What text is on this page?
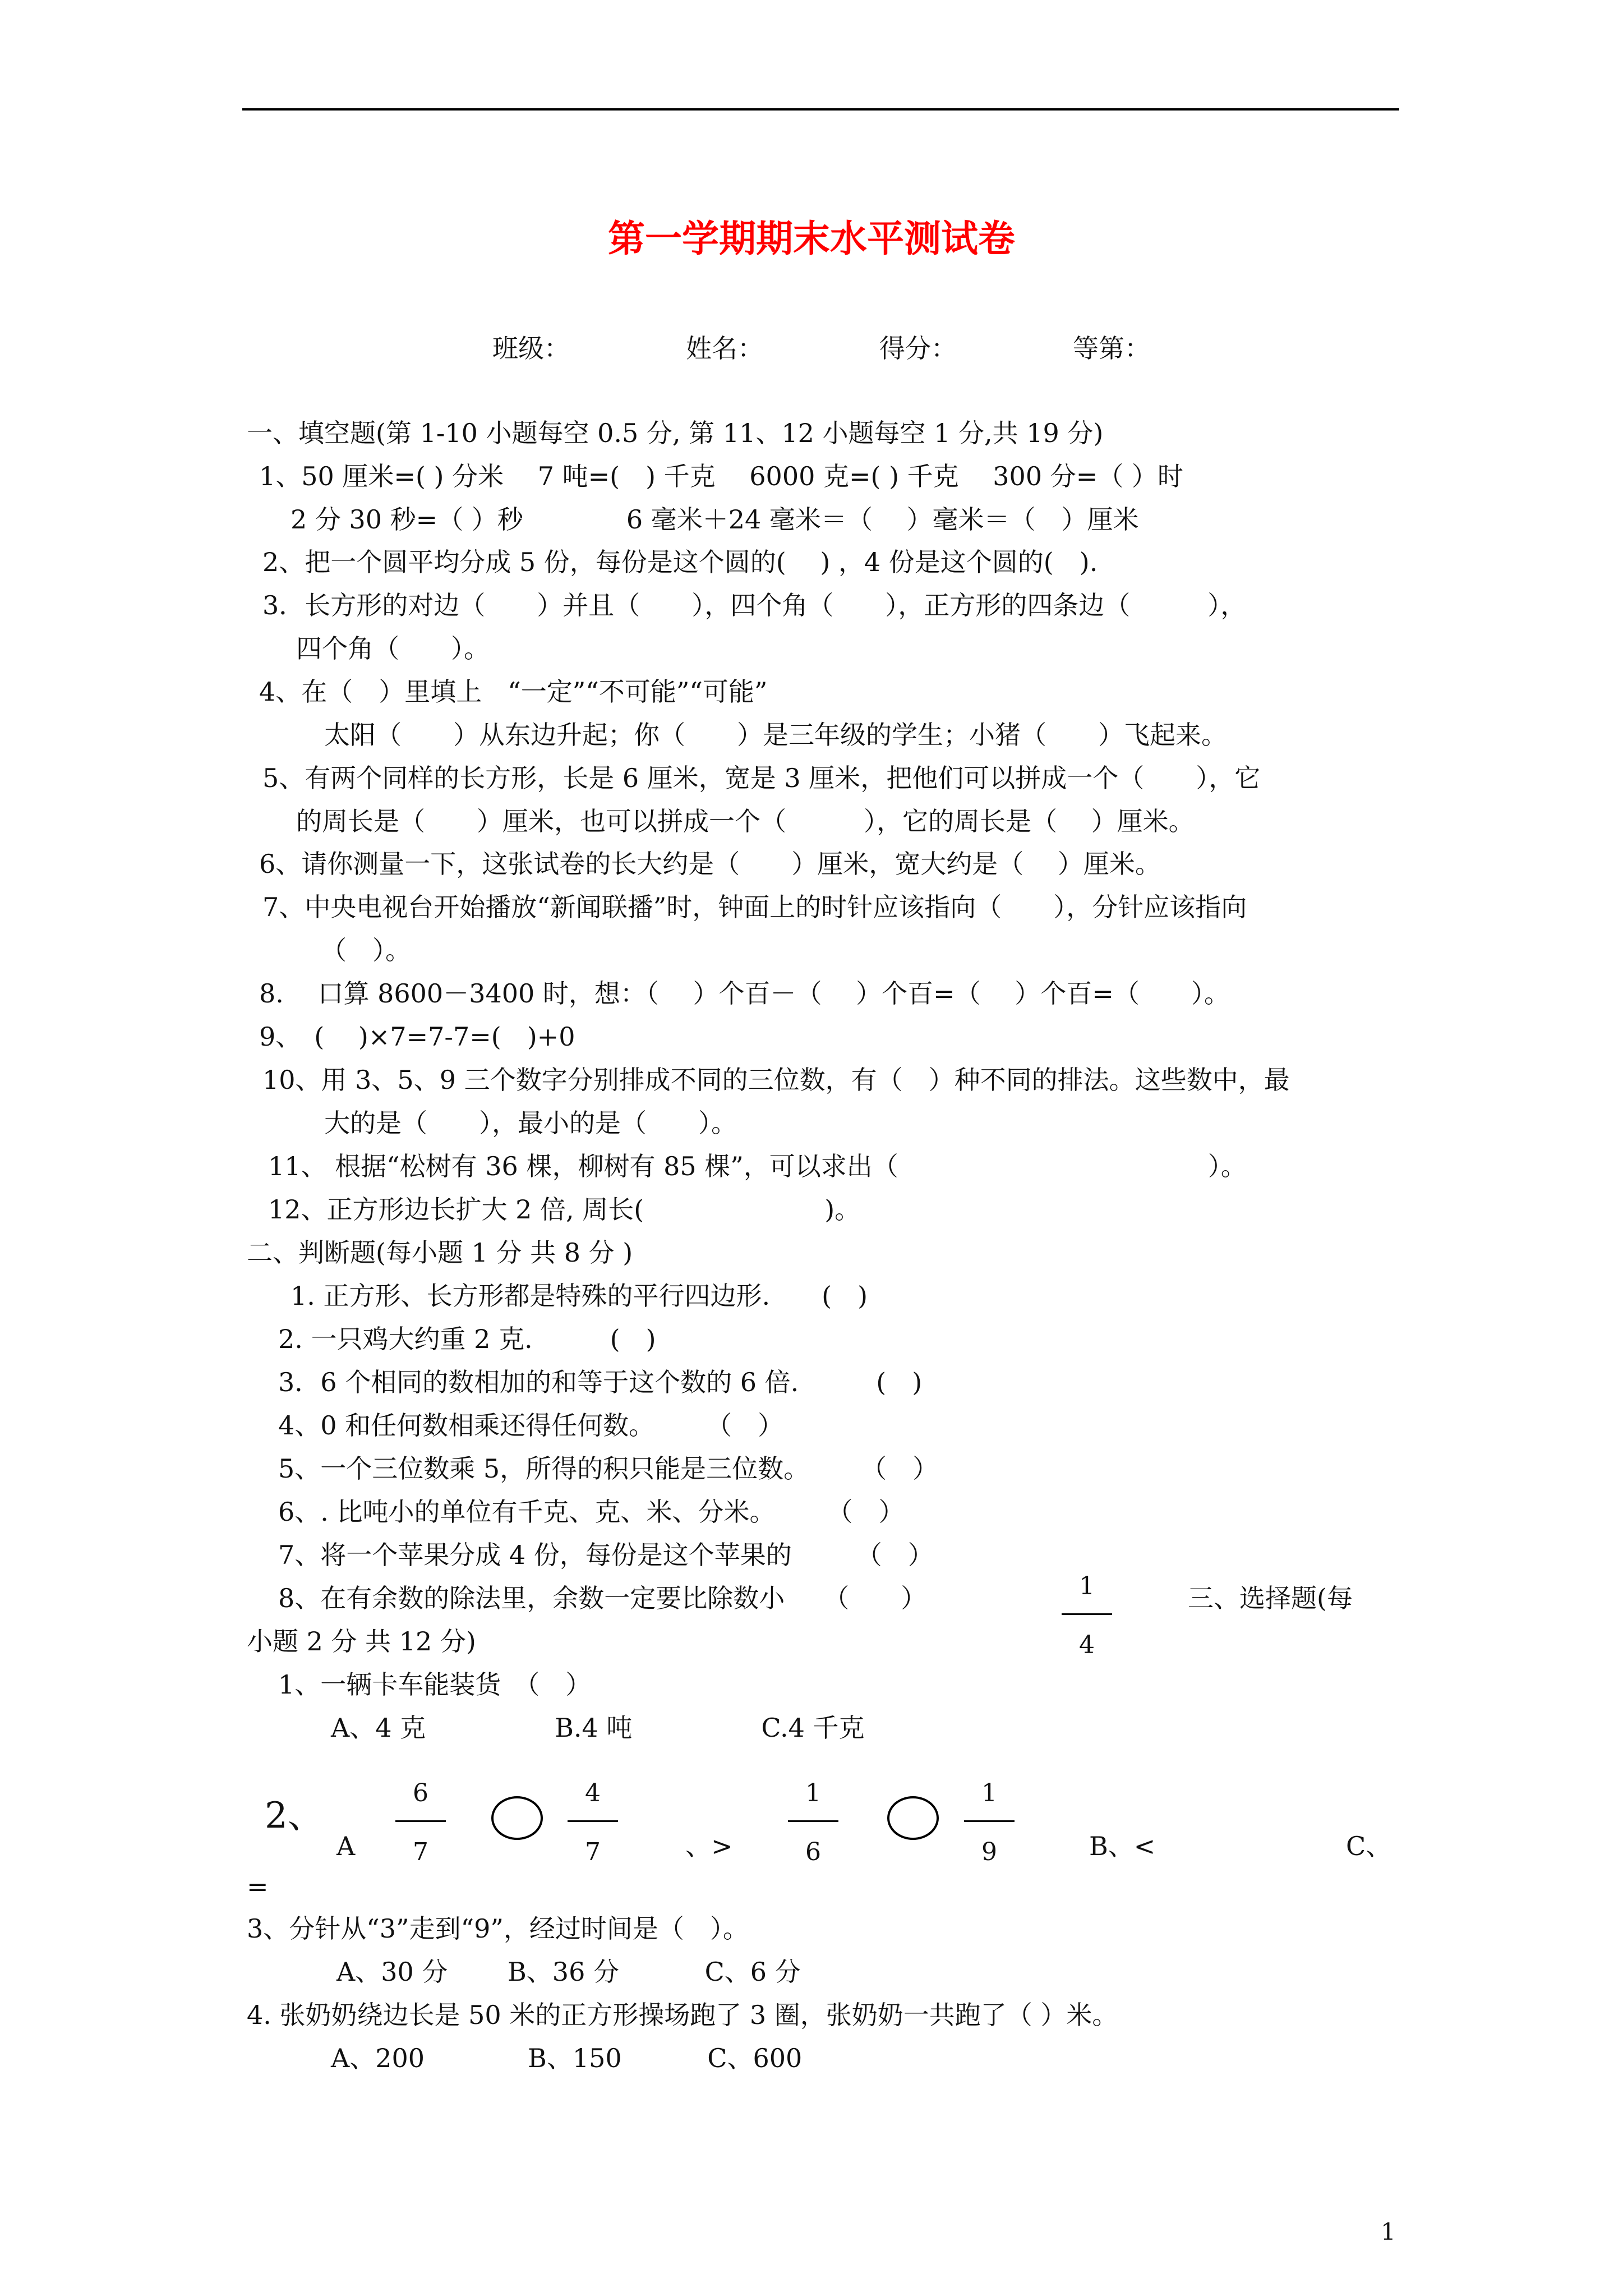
第一学期期末水平测试卷
班级：　　　　　姓名：　　　　　得分：　　　　　等第：
一、填空题(第 1-10 小题每空 0.5 分, 第 11、12 小题每空 1 分,共 19 分)
1、50 厘米=( ) 分米　 7 吨=(　) 千克　 6000 克=( ) 千克　 300 分=（ ）时
2 分 30 秒=（ ）秒　　　　6 毫米＋24 毫米＝（　 ）毫米＝（　）厘米
2、把一个圆平均分成 5 份，每份是这个圆的(　 ) ，4 份是这个圆的(　).
3．长方形的对边（　　）并且（　　），四个角（　　），正方形的四条边（　　　），
四个角（　　）。
4、在（　）里填上　“一定”“不可能”“可能”
太阳（　　）从东边升起；你（　　）是三年级的学生；小猪（　　）飞起来。
5、有两个同样的长方形，长是 6 厘米，宽是 3 厘米，把他们可以拼成一个（　　），它
的周长是（　　）厘米，也可以拼成一个（　　　），它的周长是（　 ）厘米。
6、请你测量一下，这张试卷的长大约是（　　）厘米，宽大约是（　 ）厘米。
7、中央电视台开始播放“新闻联播”时，钟面上的时针应该指向（　　），分针应该指向
（　）。
8.　 口算 8600－3400 时，想：（　 ）个百－（　 ）个百=（　 ）个百=（　　）。
9、　( 　)×7=7-7=(　)+0
10、用 3、5、9 三个数字分别排成不同的三位数，有（　）种不同的排法。这些数中，最
大的是（　　），最小的是（　　）。
11、 根据“松树有 36 棵，柳树有 85 棵”，可以求出（　　　　　　　　　　　　）。
12、正方形边长扩大 2 倍, 周长(　　　　　　　)。
二、判断题(每小题 1 分 共 8 分 )
1. 正方形、长方形都是特殊的平行四边形.　　(　)
2. 一只鸡大约重 2 克.　　　(　)
3．6 个相同的数相加的和等于这个数的 6 倍.　　　(　)
4、0 和任何数相乘还得任何数。　　　（　）
5、一个三位数乘 5，所得的积只能是三位数。　　　（　）
6、. 比吨小的单位有千克、克、米、分米。　　　（　）
7、将一个苹果分成 4 份，每份是这个苹果的　　　（　）
8、在有余数的除法里，余数一定要比除数小　　（　　）	1
4
三、选择题(每
小题 2 分 共 12 分)
1、一辆卡车能装货　（　）
A、4 克　　　　　B.4 吨　　　　　C.4 千克
2、
A
6
7
4
7	、>
1
6
1
9	B、<	C、
=
3、分针从“3”走到“9”，经过时间是（　）。
A、30 分　　 B、36 分　　　 C、6 分
4. 张奶奶绕边长是 50 米的正方形操场跑了 3 圈，张奶奶一共跑了（ ）米。
A、200　　　　B、150　　　 C、600
1
